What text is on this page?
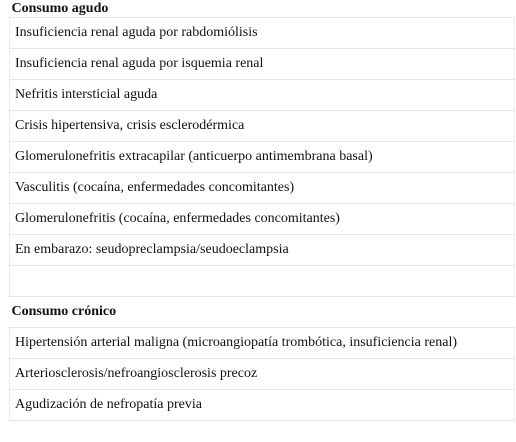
Consumo agudo
Insuficiencia renal aguda por rabdomiólisis
Insuficiencia renal aguda por isquemia renal
Nefritis intersticial aguda
Crisis hipertensiva, crisis esclerodérmica
Glomerulonefritis extracapilar (anticuerpo antimembrana basal)
Vasculitis (cocaína, enfermedades concomitantes)
Glomerulonefritis (cocaína, enfermedades concomitantes)
En embarazo: seudopreclampsia/seudoeclampsia

Consumo crónico
Hipertensión arterial maligna (microangiopatía trombótica, insuficiencia renal)
Arteriosclerosis/nefroangiosclerosis precoz
Agudización de nefropatía previa
